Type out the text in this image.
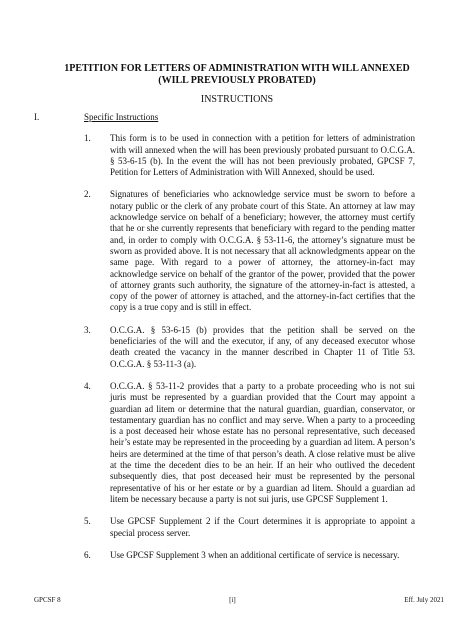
1PETITION FOR LETTERS OF ADMINISTRATION WITH WILL ANNEXED
(WILL PREVIOUSLY PROBATED)
INSTRUCTIONS
I.	Specific Instructions
1.	This form is to be used in connection with a petition for letters of administration with will annexed when the will has been previously probated pursuant to O.C.G.A. § 53-6-15 (b). In the event the will has not been previously probated, GPCSF 7, Petition for Letters of Administration with Will Annexed, should be used.
2.	Signatures of beneficiaries who acknowledge service must be sworn to before a notary public or the clerk of any probate court of this State. An attorney at law may acknowledge service on behalf of a beneficiary; however, the attorney must certify that he or she currently represents that beneficiary with regard to the pending matter and, in order to comply with O.C.G.A. § 53-11-6, the attorney’s signature must be sworn as provided above. It is not necessary that all acknowledgments appear on the same page. With regard to a power of attorney, the attorney-in-fact may acknowledge service on behalf of the grantor of the power, provided that the power of attorney grants such authority, the signature of the attorney-in-fact is attested, a copy of the power of attorney is attached, and the attorney-in-fact certifies that the copy is a true copy and is still in effect.
3.	O.C.G.A. § 53-6-15 (b) provides that the petition shall be served on the beneficiaries of the will and the executor, if any, of any deceased executor whose death created the vacancy in the manner described in Chapter 11 of Title 53. O.C.G.A. § 53-11-3 (a).
4.	O.C.G.A. § 53-11-2 provides that a party to a probate proceeding who is not sui juris must be represented by a guardian provided that the Court may appoint a guardian ad litem or determine that the natural guardian, guardian, conservator, or testamentary guardian has no conflict and may serve. When a party to a proceeding is a post deceased heir whose estate has no personal representative, such deceased heir’s estate may be represented in the proceeding by a guardian ad litem. A person’s heirs are determined at the time of that person’s death. A close relative must be alive at the time the decedent dies to be an heir. If an heir who outlived the decedent subsequently dies, that post deceased heir must be represented by the personal representative of his or her estate or by a guardian ad litem. Should a guardian ad litem be necessary because a party is not sui juris, use GPCSF Supplement 1.
5.	Use GPCSF Supplement 2 if the Court determines it is appropriate to appoint a special process server.
6.	Use GPCSF Supplement 3 when an additional certificate of service is necessary.
GPCSF 8	[i]	Eff. July 2021
